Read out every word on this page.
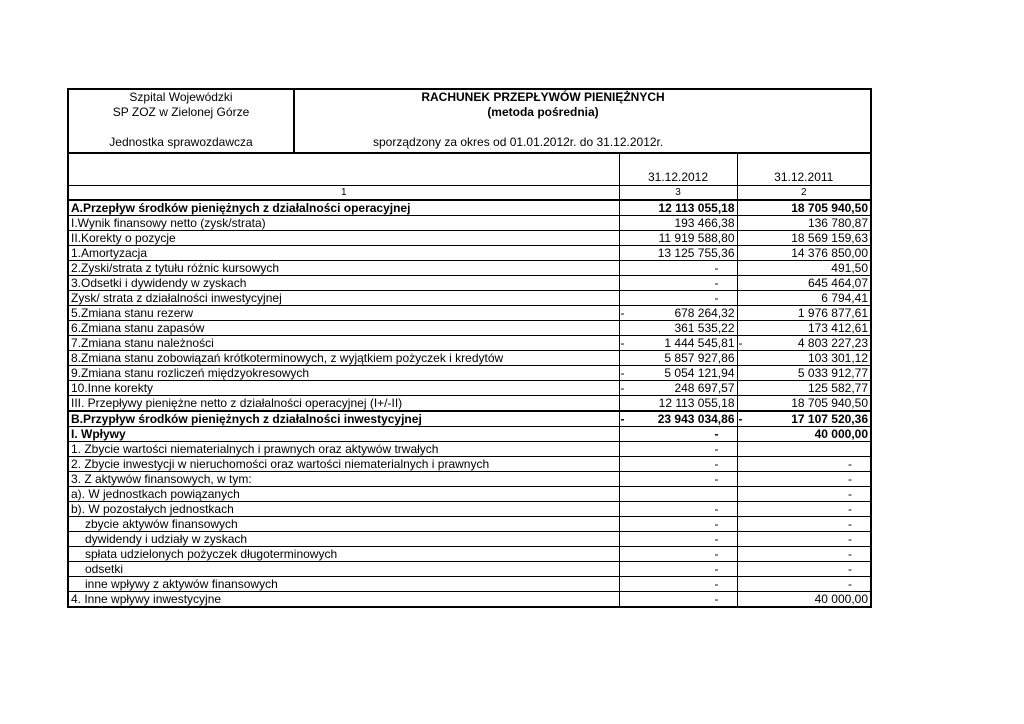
Szpital Wojewódzki
SP ZOZ w Zielonej Górze
Jednostka sprawozdawcza
RACHUNEK PRZEPŁYWÓW PIENIĘŻNYCH
(metoda pośrednia)
sporządzony za okres od 01.01.2012r. do 31.12.2012r.
	31.12.2012	31.12.2011
1	3	2
A.Przepływ środków pieniężnych z działalności operacyjnej	12 113 055,18	18 705 940,50
I.Wynik finansowy netto (zysk/strata)	193 466,38	136 780,87
II.Korekty o pozycje	11 919 588,80	18 569 159,63
1.Amortyzacja	13 125 755,36	14 376 850,00
2.Zyski/strata z tytułu różnic kursowych	-	491,50
3.Odsetki i dywidendy w zyskach	-	645 464,07
Zysk/ strata z działalności inwestycyjnej	-	6 794,41
5.Zmiana stanu rezerw	- 678 264,32	1 976 877,61
6.Zmiana stanu zapasów	361 535,22	173 412,61
7.Zmiana stanu należności	- 1 444 545,81	- 4 803 227,23
8.Zmiana stanu zobowiązań krótkoterminowych, z wyjątkiem pożyczek i kredytów	5 857 927,86	103 301,12
9.Zmiana stanu rozliczeń międzyokresowych	- 5 054 121,94	5 033 912,77
10.Inne korekty	- 248 697,57	125 582,77
III. Przepływy pieniężne netto z działalności operacyjnej (I+/-II)	12 113 055,18	18 705 940,50
B.Przypływ środków pieniężnych z działalności inwestycyjnej	- 23 943 034,86	- 17 107 520,36
I. Wpływy	-	40 000,00
1. Zbycie wartości niematerialnych i prawnych oraz aktywów trwałych	-	

2. Zbycie inwestycji w nieruchomości oraz wartości niematerialnych i prawnych	-	-
3. Z aktywów finansowych, w tym:	-	-
a). W jednostkach powiązanych		-
b). W pozostałych jednostkach	-	-
zbycie aktywów finansowych	-	-
dywidendy i udziały w zyskach	-	-
spłata udzielonych pożyczek długoterminowych	-	-
odsetki	-	-
inne wpływy z aktywów finansowych	-	-
4. Inne wpływy inwestycyjne	-	40 000,00
